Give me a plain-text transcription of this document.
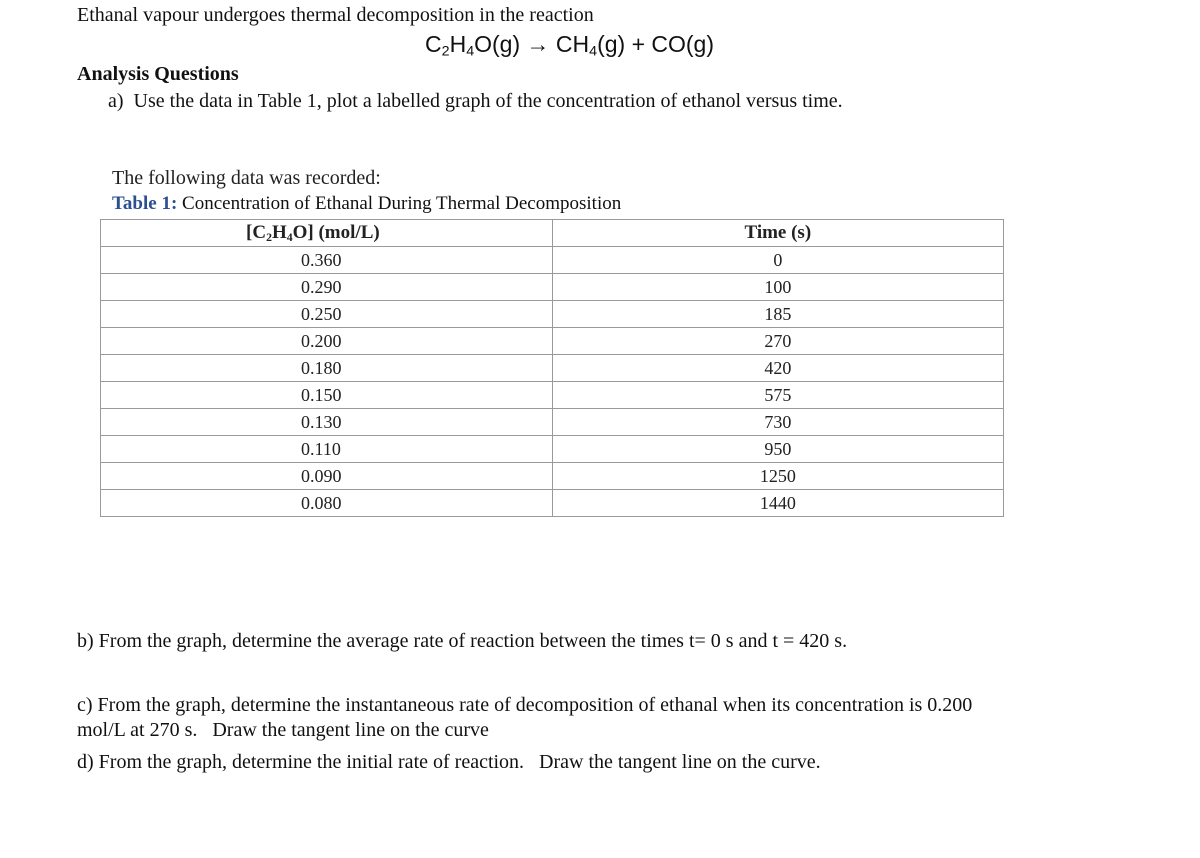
Ethanal vapour undergoes thermal decomposition in the reaction
$C_2H_4O(g) \to CH_4(g) + CO(g)$
Analysis Questions
a) Use the data in Table 1, plot a labelled graph of the concentration of ethanol versus time.
The following data was recorded:
Table 1: Concentration of Ethanal During Thermal Decomposition
$[C_2H_4O]$ (mol/L)	Time (s)
0.360	0
0.290	100
0.250	185
0.200	270
0.180	420
0.150	575
0.130	730
0.110	950
0.090	1250
0.080	1440
b) From the graph, determine the average rate of reaction between the times t= 0 s and t = 420 s.
c) From the graph, determine the instantaneous rate of decomposition of ethanal when its concentration is 0.200
mol/L at 270 s.   Draw the tangent line on the curve
d) From the graph, determine the initial rate of reaction.   Draw the tangent line on the curve.
